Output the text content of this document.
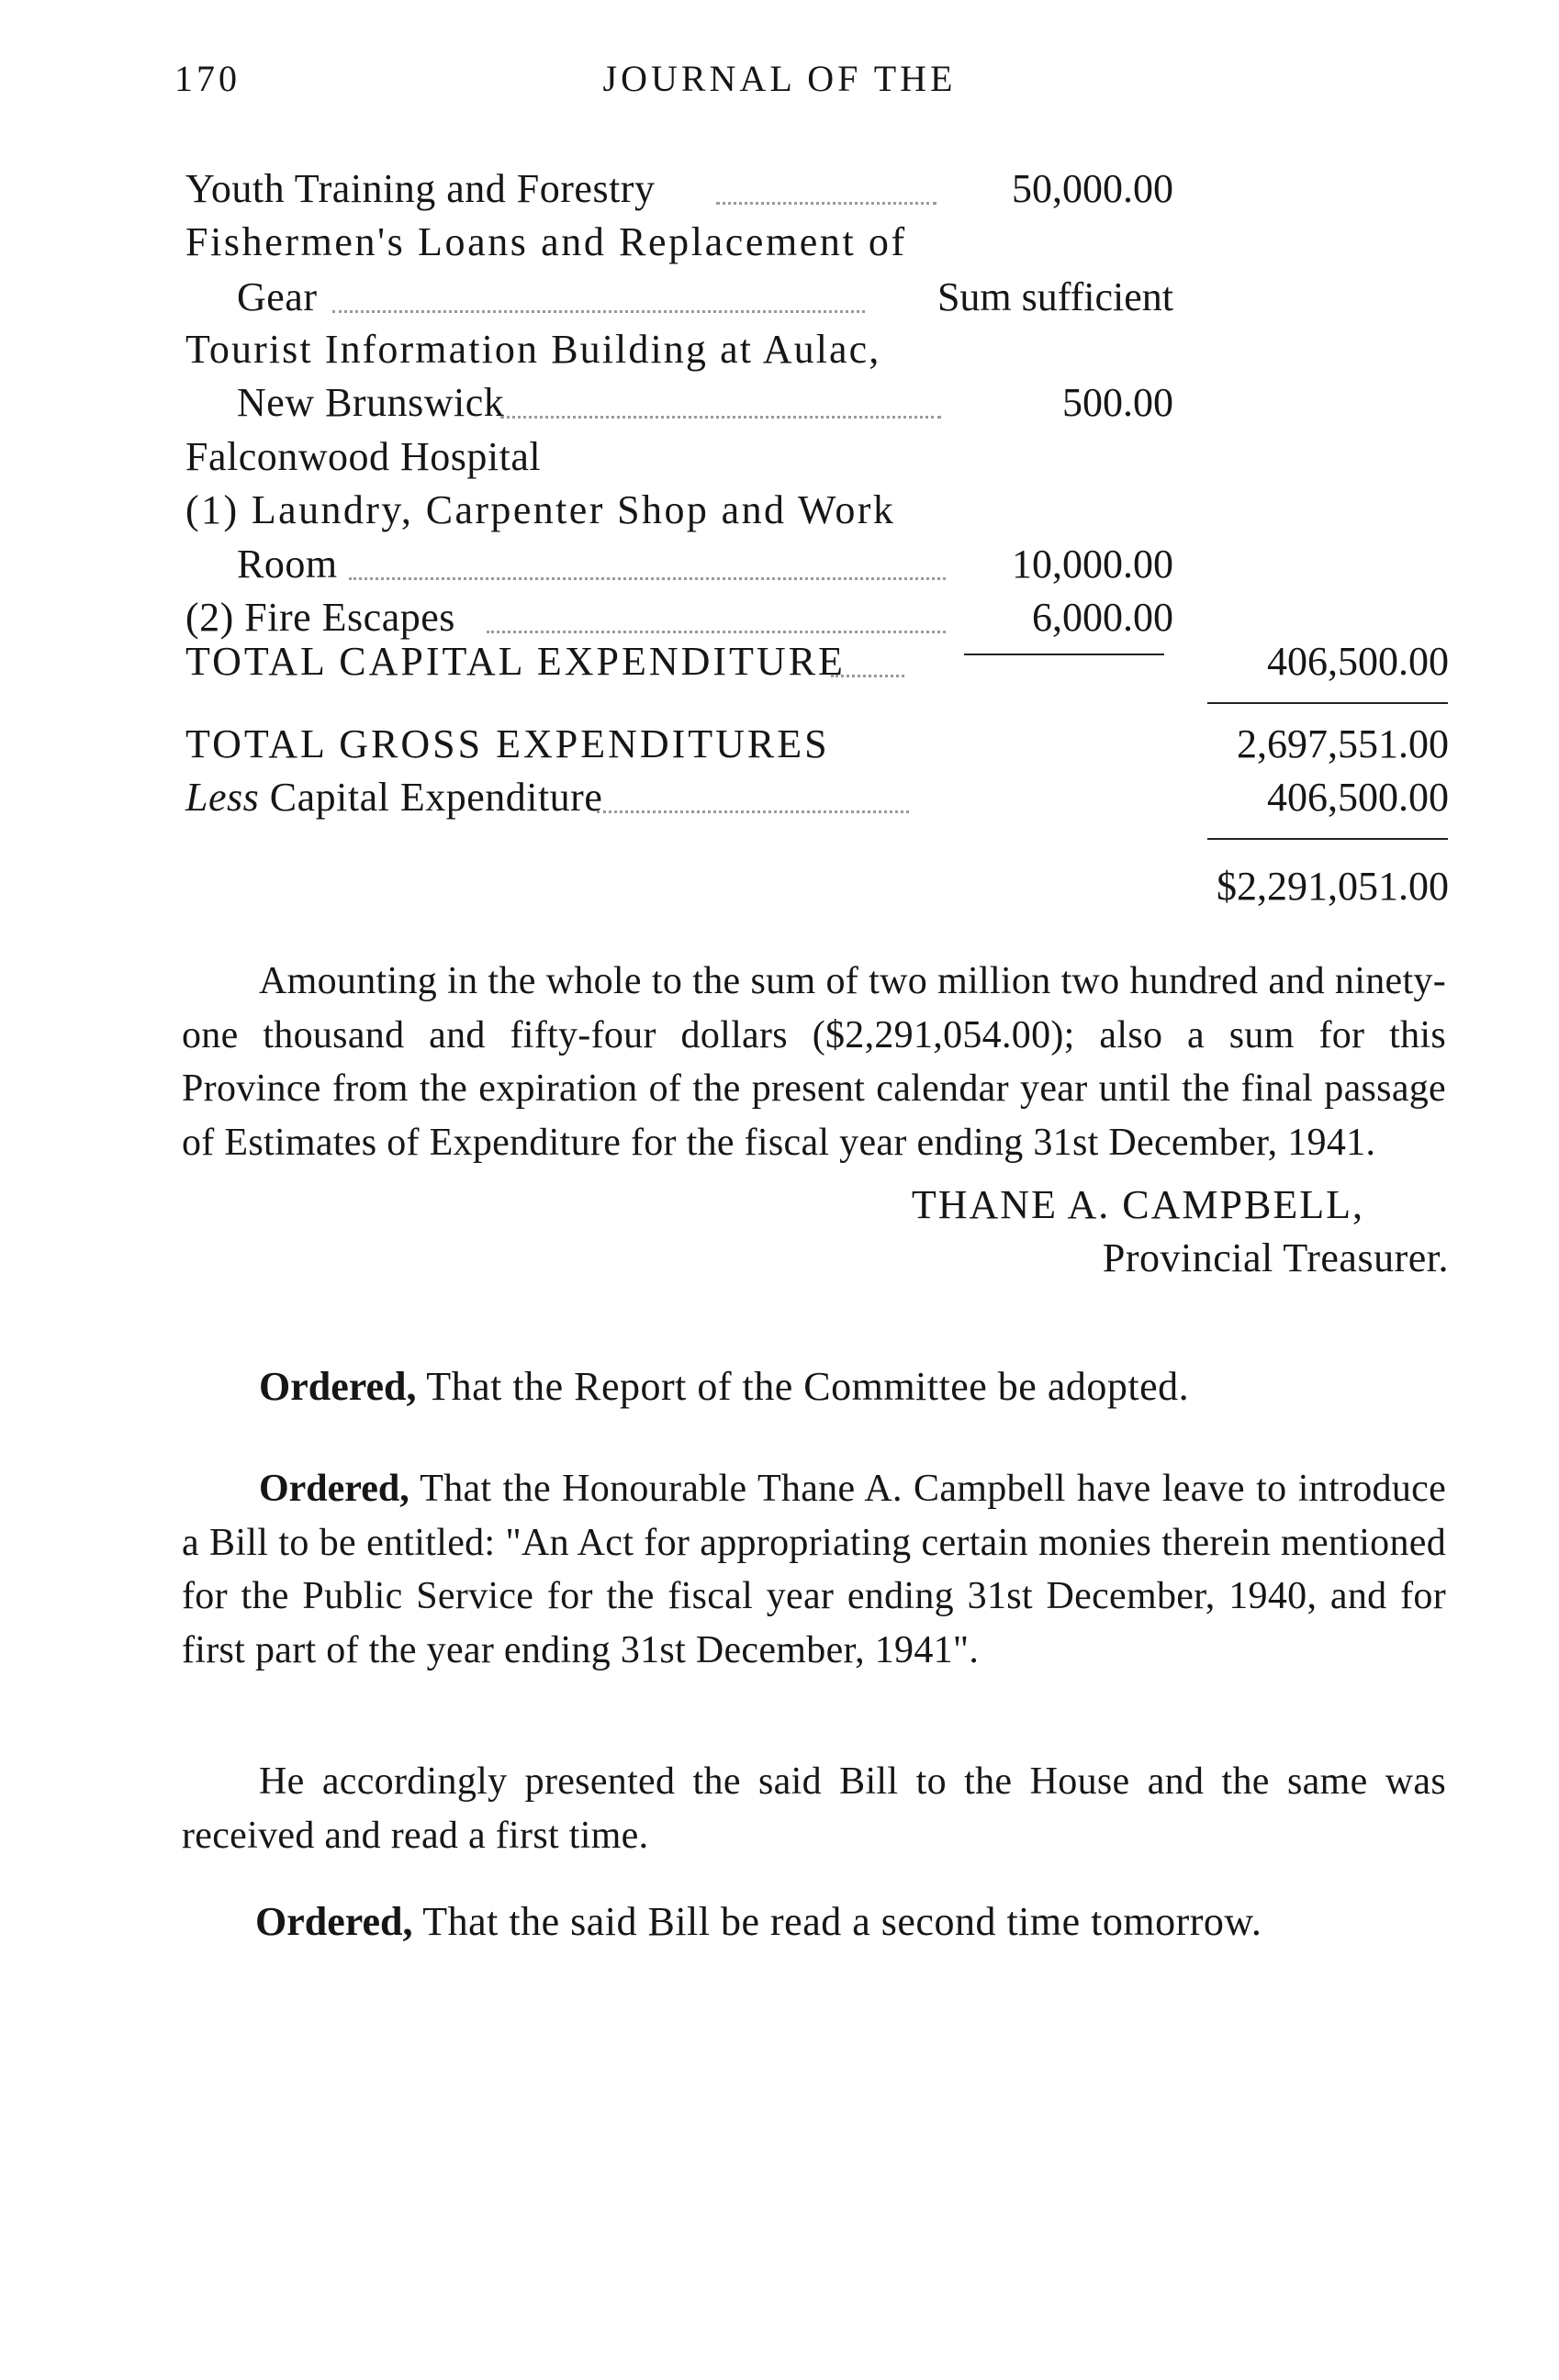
170	JOURNAL OF THE
Youth Training and Forestry	50,000.00
Fishermen's Loans and Replacement of
Gear	Sum sufficient
Tourist Information Building at Aulac,
New Brunswick	500.00
Falconwood Hospital
(1) Laundry, Carpenter Shop and Work
Room	10,000.00
(2) Fire Escapes	6,000.00
TOTAL CAPITAL EXPENDITURE	406,500.00
TOTAL GROSS EXPENDITURES	2,697,551.00
Less Capital Expenditure	406,500.00
$2,291,051.00
Amounting in the whole to the sum of two million two hundred and ninety-one thousand and fifty-four dollars ($2,291,054.00); also a sum for this Province from the expiration of the present calendar year until the final passage of Estimates of Expenditure for the fiscal year ending 31st December, 1941.
THANE A. CAMPBELL,
Provincial Treasurer.
Ordered, That the Report of the Committee be adopted.
Ordered, That the Honourable Thane A. Campbell have leave to introduce a Bill to be entitled: "An Act for appropriating certain monies therein mentioned for the Public Service for the fiscal year ending 31st December, 1940, and for first part of the year ending 31st December, 1941".
He accordingly presented the said Bill to the House and the same was received and read a first time.
Ordered, That the said Bill be read a second time tomorrow.
